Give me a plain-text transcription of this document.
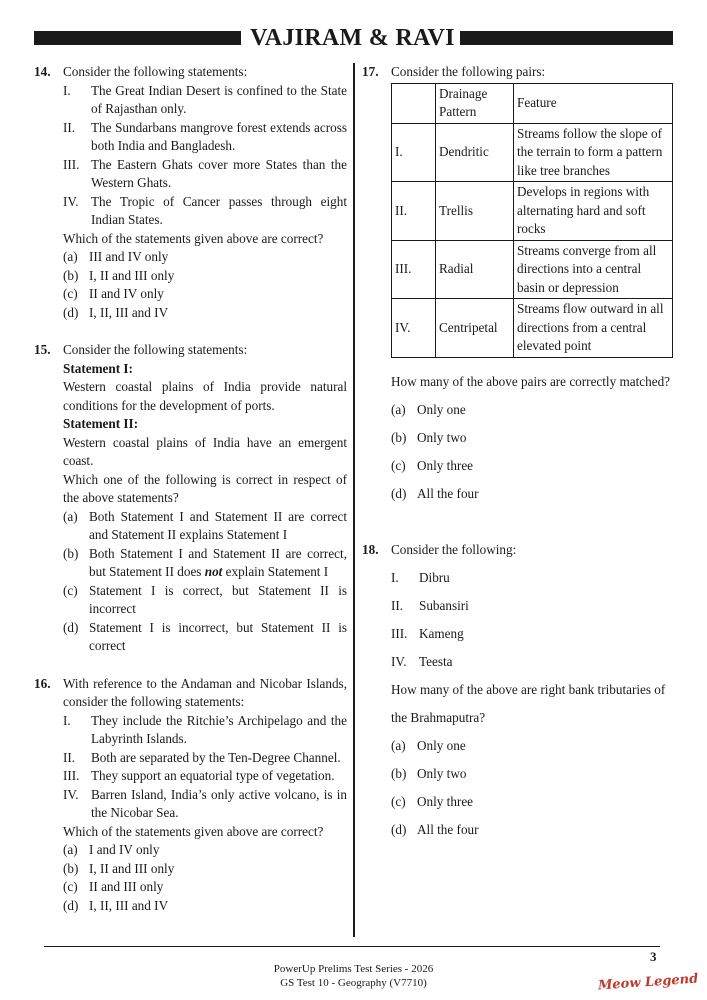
VAJIRAM & RAVI
14. Consider the following statements:
I. The Great Indian Desert is confined to the State of Rajasthan only.
II. The Sundarbans mangrove forest extends across both India and Bangladesh.
III. The Eastern Ghats cover more States than the Western Ghats.
IV. The Tropic of Cancer passes through eight Indian States.
Which of the statements given above are correct?
(a) III and IV only
(b) I, II and III only
(c) II and IV only
(d) I, II, III and IV
15. Consider the following statements:
Statement I:
Western coastal plains of India provide natural conditions for the development of ports.
Statement II:
Western coastal plains of India have an emergent coast.
Which one of the following is correct in respect of the above statements?
(a) Both Statement I and Statement II are correct and Statement II explains Statement I
(b) Both Statement I and Statement II are correct, but Statement II does not explain Statement I
(c) Statement I is correct, but Statement II is incorrect
(d) Statement I is incorrect, but Statement II is correct
16. With reference to the Andaman and Nicobar Islands, consider the following statements:
I. They include the Ritchie’s Archipelago and the Labyrinth Islands.
II. Both are separated by the Ten-Degree Channel.
III. They support an equatorial type of vegetation.
IV. Barren Island, India’s only active volcano, is in the Nicobar Sea.
Which of the statements given above are correct?
(a) I and IV only
(b) I, II and III only
(c) II and III only
(d) I, II, III and IV
17. Consider the following pairs:
	Drainage Pattern	Feature
I.	Dendritic	Streams follow the slope of the terrain to form a pattern like tree branches
II.	Trellis	Develops in regions with alternating hard and soft rocks
III.	Radial	Streams converge from all directions into a central basin or depression
IV.	Centripetal	Streams flow outward in all directions from a central elevated point
How many of the above pairs are correctly matched?
(a) Only one
(b) Only two
(c) Only three
(d) All the four
18. Consider the following:
I. Dibru
II. Subansiri
III. Kameng
IV. Teesta
How many of the above are right bank tributaries of the Brahmaputra?
(a) Only one
(b) Only two
(c) Only three
(d) All the four
3
PowerUp Prelims Test Series - 2026
GS Test 10 - Geography (V7710)	Meow Legend
